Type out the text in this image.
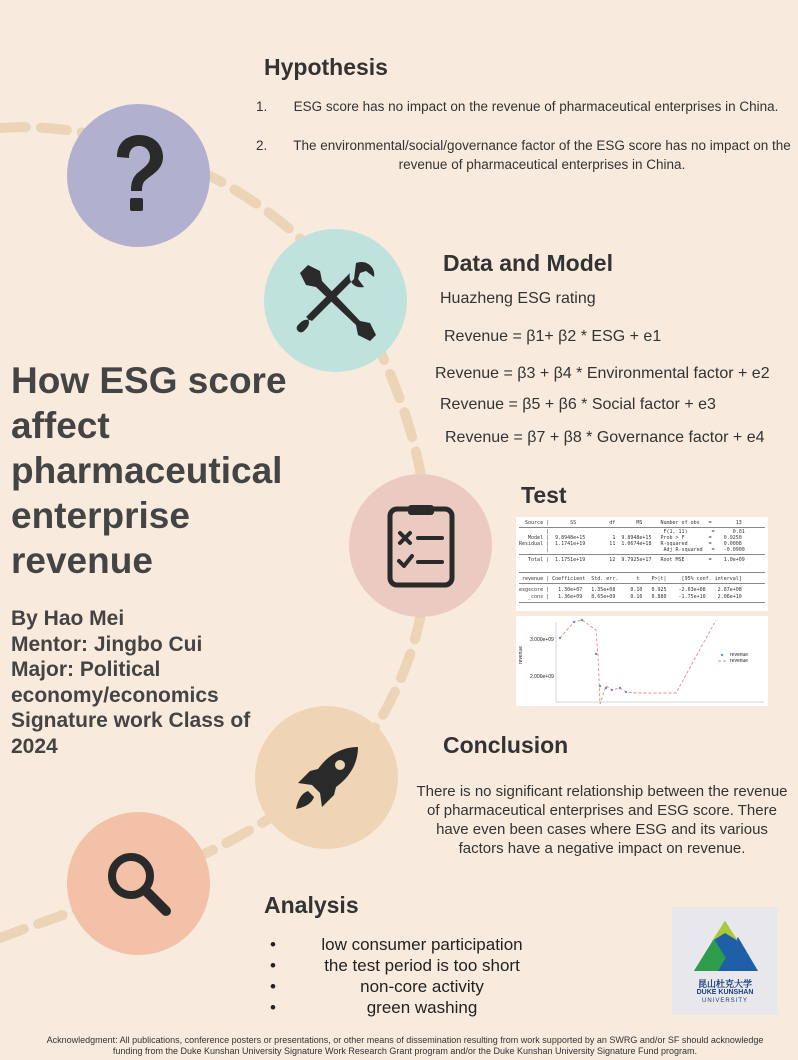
Hypothesis
1.	ESG score has no impact on the revenue of pharmaceutical enterprises in China.
2.	The environmental/social/governance factor of the ESG score has no impact on the revenue of pharmaceutical enterprises in China.
Data and Model
Huazheng ESG rating
Revenue = β1+ β2 * ESG + e1
Revenue = β3 + β4 * Environmental factor + e2
Revenue = β5 + β6 * Social factor + e3
Revenue = β7 + β8 * Governance factor + e4
How ESG score affect pharmaceutical enterprise revenue
By Hao Mei
Mentor: Jingbo Cui
Major: Political economy/economics
Signature work Class of 2024
Test
Source |       SS           df       MS      Number of obs   =        13
|                                      F(1, 11)        =      0.01
Model |  9.8948e+15         1  9.8948e+15   Prob > F        =    0.9250
Residual |  1.1741e+19        11  1.0674e+18   R-squared       =    0.0008
|                                      Adj R-squared   =   -0.0900
Total |  1.1751e+19        12  9.7925e+17   Root MSE        =    1.0e+09
revenue | Coefficient  Std. err.      t    P>|t|     [95% conf. interval]
esgscore |   1.30e+07   1.35e+08     0.10   0.925    -2.63e+08    2.87e+08
_cons |   1.36e+09   8.65e+09     0.16   0.880    -1.75e+10    2.06e+10
revenue
3.000e+09
2.000e+09
revenue
revenue
Conclusion
There is no significant relationship between the revenue of pharmaceutical enterprises and ESG score. There have even been cases where ESG and its various factors have a negative impact on revenue.
Analysis
• low consumer participation
• the test period is too short
• non-core activity
• green washing
昆山杜克大学
DUKE KUNSHAN
UNIVERSITY
Acknowledgment: All publications, conference posters or presentations, or other means of dissemination resulting from work supported by an SWRG and/or SF should acknowledge funding from the Duke Kunshan University Signature Work Research Grant program and/or the Duke Kunshan University Signature Fund program.
